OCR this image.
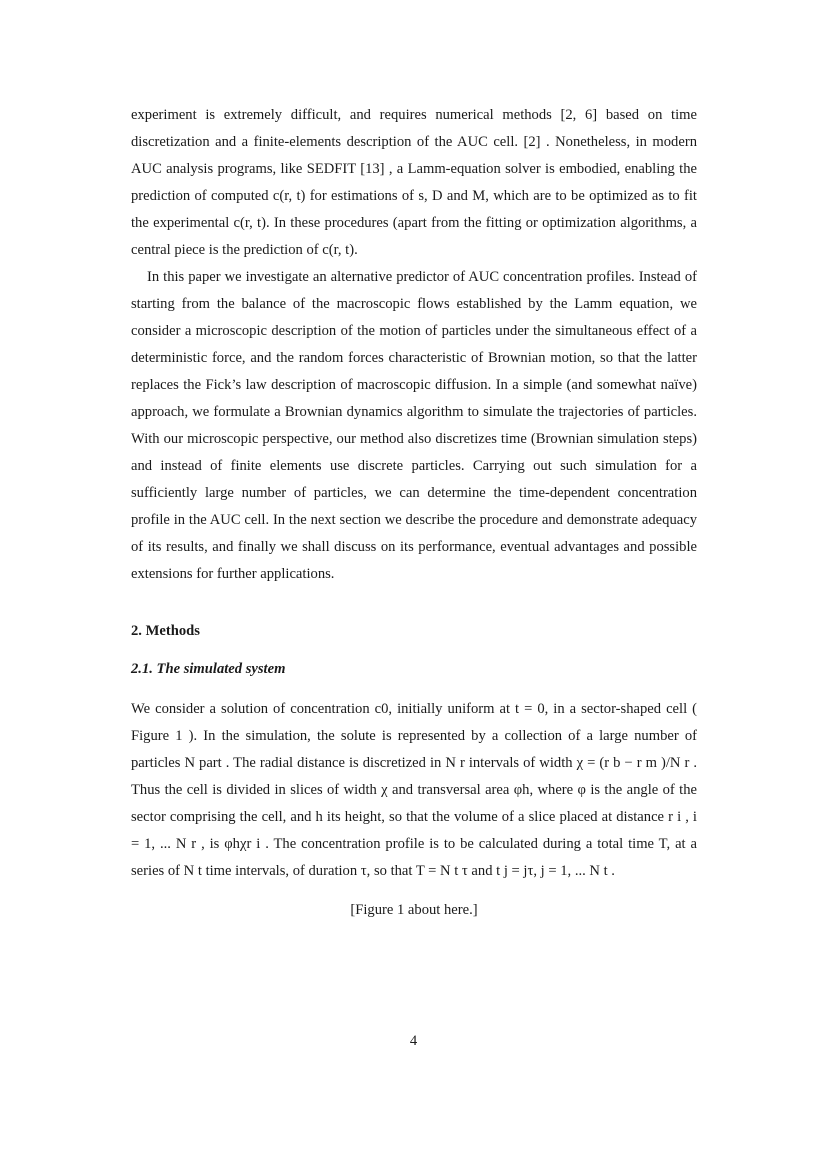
experiment is extremely difficult, and requires numerical methods [2, 6] based on time discretization and a finite-elements description of the AUC cell. [2] . Nonetheless, in modern AUC analysis programs, like SEDFIT [13] , a Lamm-equation solver is embodied, enabling the prediction of computed c(r, t) for estimations of s, D and M, which are to be optimized as to fit the experimental c(r, t). In these procedures (apart from the fitting or optimization algorithms, a central piece is the prediction of c(r, t).

In this paper we investigate an alternative predictor of AUC concentration profiles. Instead of starting from the balance of the macroscopic flows established by the Lamm equation, we consider a microscopic description of the motion of particles under the simultaneous effect of a deterministic force, and the random forces characteristic of Brownian motion, so that the latter replaces the Fick’s law description of macroscopic diffusion. In a simple (and somewhat naïve) approach, we formulate a Brownian dynamics algorithm to simulate the trajectories of particles. With our microscopic perspective, our method also discretizes time (Brownian simulation steps) and instead of finite elements use discrete particles. Carrying out such simulation for a sufficiently large number of particles, we can determine the time-dependent concentration profile in the AUC cell. In the next section we describe the procedure and demonstrate adequacy of its results, and finally we shall discuss on its performance, eventual advantages and possible extensions for further applications.

2. Methods
2.1. The simulated system

We consider a solution of concentration c0, initially uniform at t = 0, in a sector-shaped cell ( Figure 1 ). In the simulation, the solute is represented by a collection of a large number of particles N part . The radial distance is discretized in N r intervals of width χ = (r b − r m )/N r . Thus the cell is divided in slices of width χ and transversal area φh, where φ is the angle of the sector comprising the cell, and h its height, so that the volume of a slice placed at distance r i , i = 1, ... N r , is φhχr i . The concentration profile is to be calculated during a total time T, at a series of N t time intervals, of duration τ, so that T = N t τ and t j = jτ, j = 1, ... N t .

[Figure 1 about here.]
4
